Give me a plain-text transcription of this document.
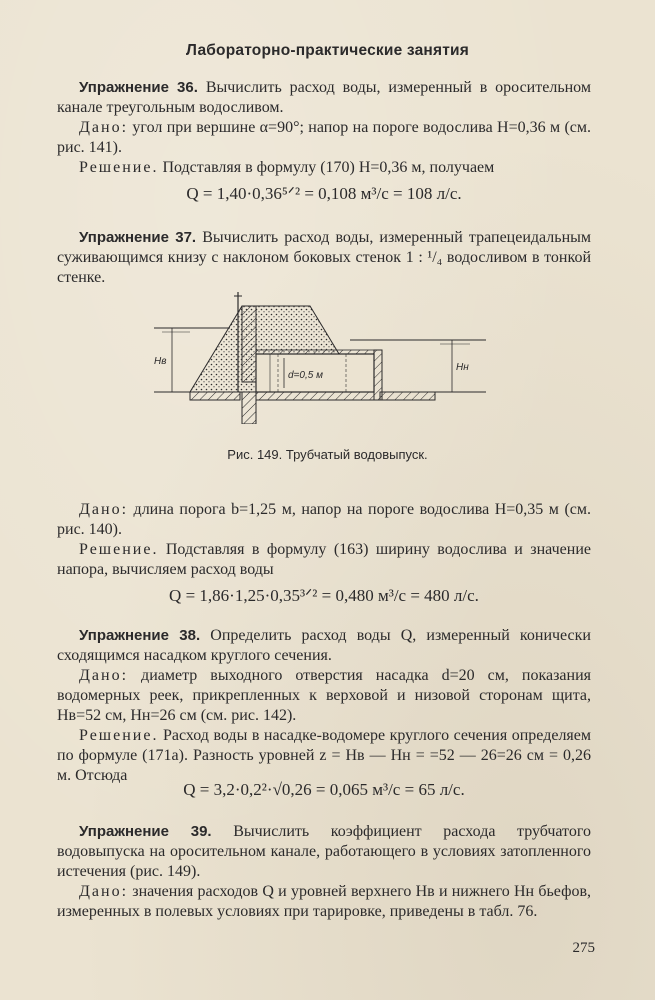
Лабораторно-практические занятия

Упражнение 36. Вычислить расход воды, измеренный в оросительном канале треугольным водосливом.

Дано: угол при вершине α=90°; напор на пороге водослива H=0,36 м (см. рис. 141).

Решение. Подставляя в формулу (170) H=0,36 м, получаем

Q = 1,40·0,36⁵ᐟ² = 0,108 м³/с = 108 л/с.

Упражнение 37. Вычислить расход воды, измеренный трапецеидальным суживающимся книзу с наклоном боковых стенок 1 : ¹/₄ водосливом в тонкой стенке.

d=0,5 м
Hв
Hн
Рис. 149. Трубчатый водовыпуск.

Дано: длина порога b=1,25 м, напор на пороге водослива H=0,35 м (см. рис. 140).

Решение. Подставляя в формулу (163) ширину водослива и значение напора, вычисляем расход воды

Q = 1,86·1,25·0,35³ᐟ² = 0,480 м³/с = 480 л/с.

Упражнение 38. Определить расход воды Q, измеренный конически сходящимся насадком круглого сечения.

Дано: диаметр выходного отверстия насадка d=20 см, показания водомерных реек, прикрепленных к верховой и низовой сторонам щита, Hв=52 см, Hн=26 см (см. рис. 142).

Решение. Расход воды в насадке-водомере круглого сечения определяем по формуле (171а). Разность уровней z = Hв — Hн = =52 — 26=26 см = 0,26 м. Отсюда

Q = 3,2·0,2²·√0,26 = 0,065 м³/с = 65 л/с.

Упражнение 39. Вычислить коэффициент расхода трубчатого водовыпуска на оросительном канале, работающего в условиях затопленного истечения (рис. 149).

Дано: значения расходов Q и уровней верхнего Hв и нижнего Hн бьефов, измеренных в полевых условиях при тарировке, приведены в табл. 76.

275
